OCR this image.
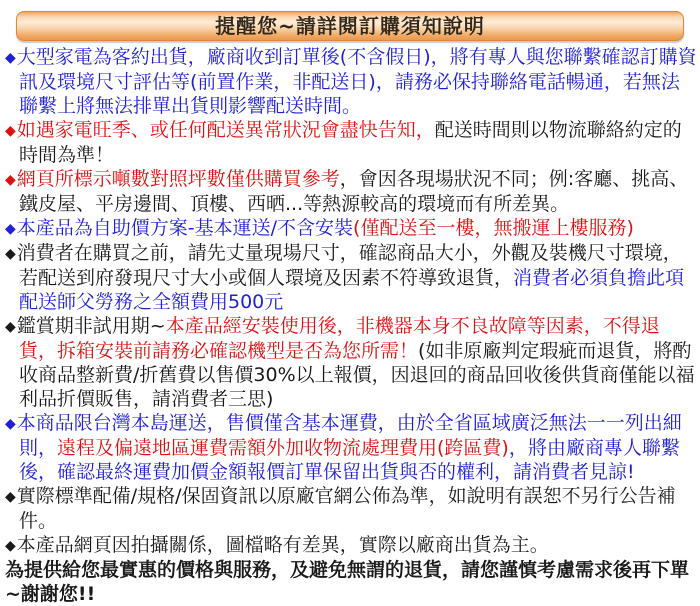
提醒您~請詳閱訂購須知說明

◆大型家電為客約出貨，廠商收到訂單後(不含假日)，將有專人與您聯繫確認訂購資訊及環境尺寸評估等(前置作業，非配送日)，請務必保持聯絡電話暢通，若無法聯繫上將無法排單出貨則影響配送時間。

◆如遇家電旺季、或任何配送異常狀況會盡快告知，配送時間則以物流聯絡約定的時間為準！

◆網頁所標示噸數對照坪數僅供購買參考，會因各現場狀況不同；例:客廳、挑高、鐵皮屋、平房邊間、頂樓、西晒...等熱源較高的環境而有所差異。

◆本產品為自助價方案-基本運送/不含安裝(僅配送至一樓，無搬運上樓服務)

◆消費者在購買之前，請先丈量現場尺寸，確認商品大小，外觀及裝機尺寸環境，若配送到府發現尺寸大小或個人環境及因素不符導致退貨，消費者必須負擔此項配送師父勞務之全額費用500元

◆鑑賞期非試用期~本產品經安裝使用後，非機器本身不良故障等因素，不得退貨，拆箱安裝前請務必確認機型是否為您所需！(如非原廠判定瑕疵而退貨，將酌收商品整新費/折舊費以售價30%以上報價，因退回的商品回收後供貨商僅能以福利品折價販售，請消費者三思)

◆本商品限台灣本島運送，售價僅含基本運費，由於全省區域廣泛無法一一列出細則，遠程及偏遠地區運費需額外加收物流處理費用(跨區費)，將由廠商專人聯繫後，確認最終運費加價金額報價訂單保留出貨與否的權利，請消費者見諒!

◆實際標準配備/規格/保固資訊以原廠官網公佈為準，如說明有誤恕不另行公告補件。

◆本產品網頁因拍攝關係，圖檔略有差異，實際以廠商出貨為主。

為提供給您最實惠的價格與服務，及避免無謂的退貨，請您謹慎考慮需求後再下單~謝謝您!!
